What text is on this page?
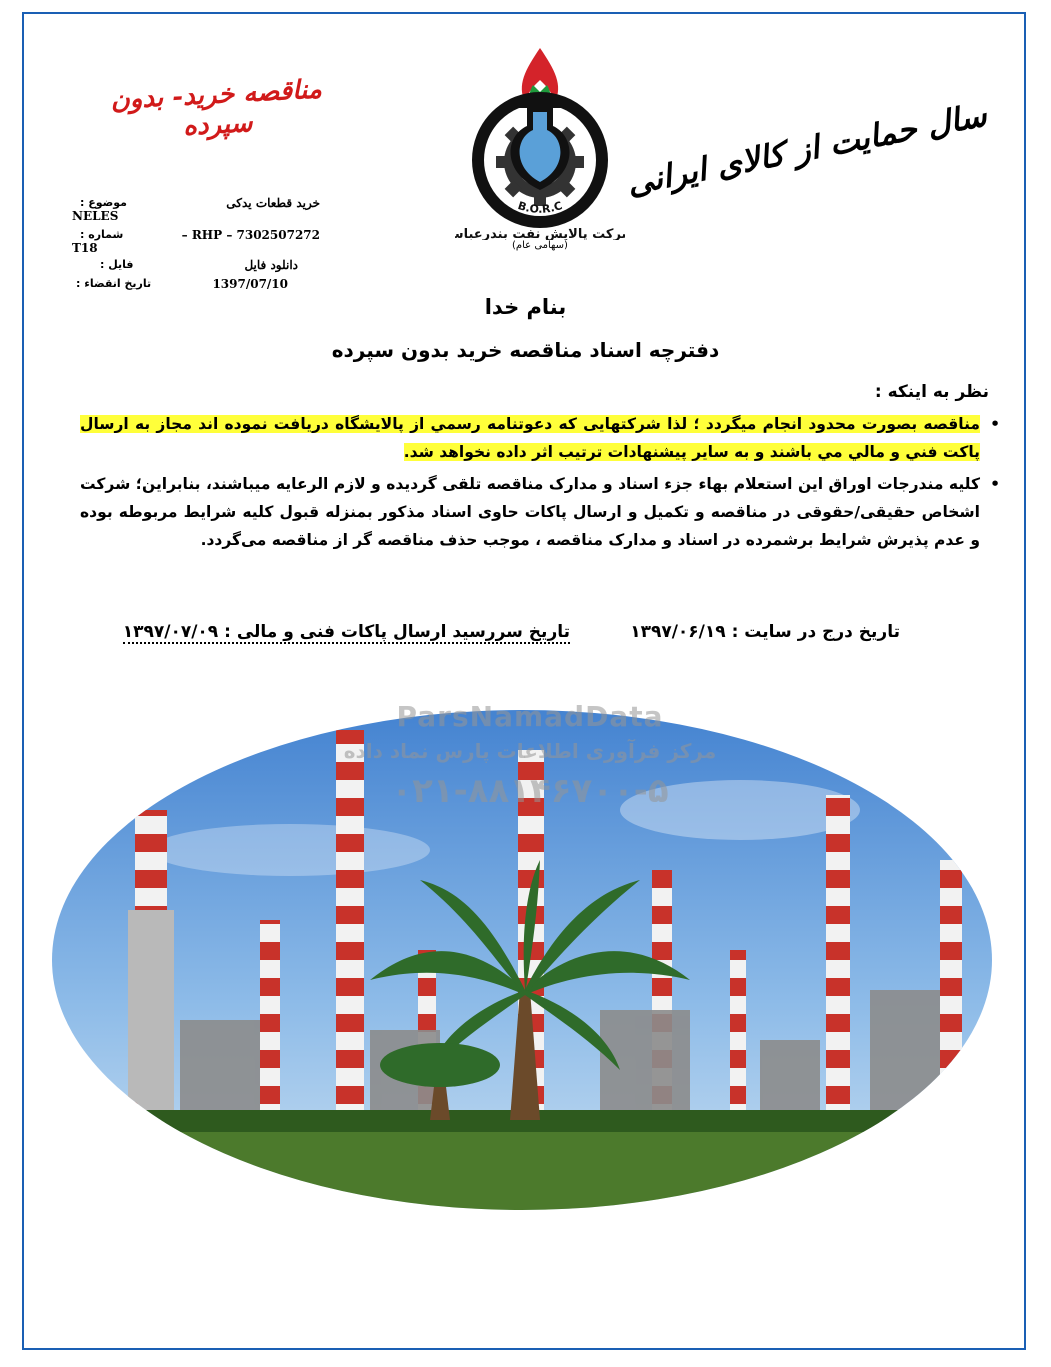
سال حمایت از کالای ایرانی
مناقصه خرید- بدون سپرده
B.O.R.C
شرکت پالایش نفت بندرعباس
(سهامی عام)
خرید قطعات یدکی
موضوع :
NELES
RHP – 7302507272 –
شماره :
T18
دانلود فایل
فایل :
1397/07/10
تاریخ انقضاء :
بنام خدا
دفترچه اسناد مناقصه خرید بدون سپرده
نظر به اینکه :
• مناقصه بصورت محدود انجام میگردد ؛ لذا شرکتهایی که دعوتنامه رسمي از پالايشگاه دريافت نموده اند مجاز به ارسال پاکت فني و مالي مي باشند و به ساير پيشنهادات ترتيب اثر داده نخواهد شد.
• کلیه مندرجات اوراق این استعلام بهاء جزء اسناد و مدارک مناقصه تلقی گردیده و لازم الرعایه میباشند، بنابراین؛ شرکت اشخاص حقیقی/حقوقی در مناقصه و تکمیل و ارسال پاکات حاوی اسناد مذکور بمنزله قبول کلیه شرایط مربوطه بوده و عدم پذیرش شرایط برشمرده در اسناد و مدارک مناقصه ، موجب حذف مناقصه گر از مناقصه می‌گردد.
تاریخ درج در سایت : ۱۳۹۷/۰۶/۱۹
تاریخ سررسید ارسال پاکات فنی و مالی : ۱۳۹۷/۰۷/۰۹
ParsNamadData
مرکز فرآوری اطلاعات پارس نماد داده
۰۲۱-۸۸۱۴۶۷۰۰-۵
